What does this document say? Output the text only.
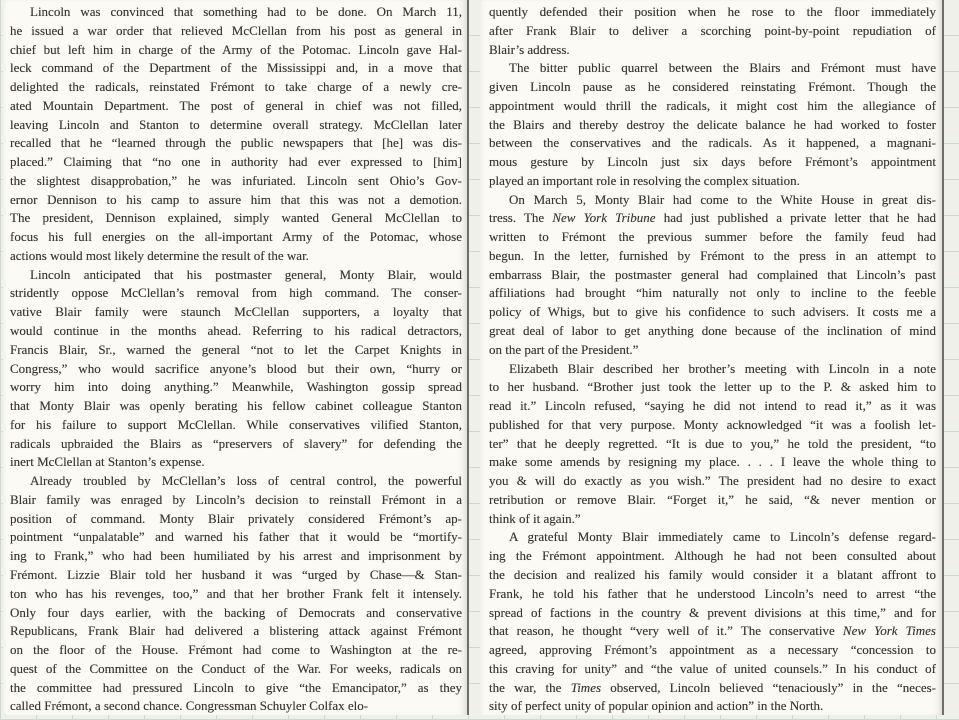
Lincoln was convinced that something had to be done. On March 11,
he issued a war order that relieved McClellan from his post as general in
chief but left him in charge of the Army of the Potomac. Lincoln gave Hal-
leck command of the Department of the Mississippi and, in a move that
delighted the radicals, reinstated Frémont to take charge of a newly cre-
ated Mountain Department. The post of general in chief was not filled,
leaving Lincoln and Stanton to determine overall strategy. McClellan later
recalled that he “learned through the public newspapers that [he] was dis-
placed.” Claiming that “no one in authority had ever expressed to [him]
the slightest disapprobation,” he was infuriated. Lincoln sent Ohio’s Gov-
ernor Dennison to his camp to assure him that this was not a demotion.
The president, Dennison explained, simply wanted General McClellan to
focus his full energies on the all-important Army of the Potomac, whose
actions would most likely determine the result of the war.
Lincoln anticipated that his postmaster general, Monty Blair, would
stridently oppose McClellan’s removal from high command. The conser-
vative Blair family were staunch McClellan supporters, a loyalty that
would continue in the months ahead. Referring to his radical detractors,
Francis Blair, Sr., warned the general “not to let the Carpet Knights in
Congress,” who would sacrifice anyone’s blood but their own, “hurry or
worry him into doing anything.” Meanwhile, Washington gossip spread
that Monty Blair was openly berating his fellow cabinet colleague Stanton
for his failure to support McClellan. While conservatives vilified Stanton,
radicals upbraided the Blairs as “preservers of slavery” for defending the
inert McClellan at Stanton’s expense.
Already troubled by McClellan’s loss of central control, the powerful
Blair family was enraged by Lincoln’s decision to reinstall Frémont in a
position of command. Monty Blair privately considered Frémont’s ap-
pointment “unpalatable” and warned his father that it would be “mortify-
ing to Frank,” who had been humiliated by his arrest and imprisonment by
Frémont. Lizzie Blair told her husband it was “urged by Chase—& Stan-
ton who has his revenges, too,” and that her brother Frank felt it intensely.
Only four days earlier, with the backing of Democrats and conservative
Republicans, Frank Blair had delivered a blistering attack against Frémont
on the floor of the House. Frémont had come to Washington at the re-
quest of the Committee on the Conduct of the War. For weeks, radicals on
the committee had pressured Lincoln to give “the Emancipator,” as they
called Frémont, a second chance. Congressman Schuyler Colfax elo-
quently defended their position when he rose to the floor immediately
after Frank Blair to deliver a scorching point-by-point repudiation of
Blair’s address.
The bitter public quarrel between the Blairs and Frémont must have
given Lincoln pause as he considered reinstating Frémont. Though the
appointment would thrill the radicals, it might cost him the allegiance of
the Blairs and thereby destroy the delicate balance he had worked to foster
between the conservatives and the radicals. As it happened, a magnani-
mous gesture by Lincoln just six days before Frémont’s appointment
played an important role in resolving the complex situation.
On March 5, Monty Blair had come to the White House in great dis-
tress. The New York Tribune had just published a private letter that he had
written to Frémont the previous summer before the family feud had
begun. In the letter, furnished by Frémont to the press in an attempt to
embarrass Blair, the postmaster general had complained that Lincoln’s past
affiliations had brought “him naturally not only to incline to the feeble
policy of Whigs, but to give his confidence to such advisers. It costs me a
great deal of labor to get anything done because of the inclination of mind
on the part of the President.”
Elizabeth Blair described her brother’s meeting with Lincoln in a note
to her husband. “Brother just took the letter up to the P. & asked him to
read it.” Lincoln refused, “saying he did not intend to read it,” as it was
published for that very purpose. Monty acknowledged “it was a foolish let-
ter” that he deeply regretted. “It is due to you,” he told the president, “to
make some amends by resigning my place. . . . I leave the whole thing to
you & will do exactly as you wish.” The president had no desire to exact
retribution or remove Blair. “Forget it,” he said, “& never mention or
think of it again.”
A grateful Monty Blair immediately came to Lincoln’s defense regard-
ing the Frémont appointment. Although he had not been consulted about
the decision and realized his family would consider it a blatant affront to
Frank, he told his father that he understood Lincoln’s need to arrest “the
spread of factions in the country & prevent divisions at this time,” and for
that reason, he thought “very well of it.” The conservative New York Times
agreed, approving Frémont’s appointment as a necessary “concession to
this craving for unity” and “the value of united counsels.” In his conduct of
the war, the Times observed, Lincoln believed “tenaciously” in the “neces-
sity of perfect unity of popular opinion and action” in the North.
